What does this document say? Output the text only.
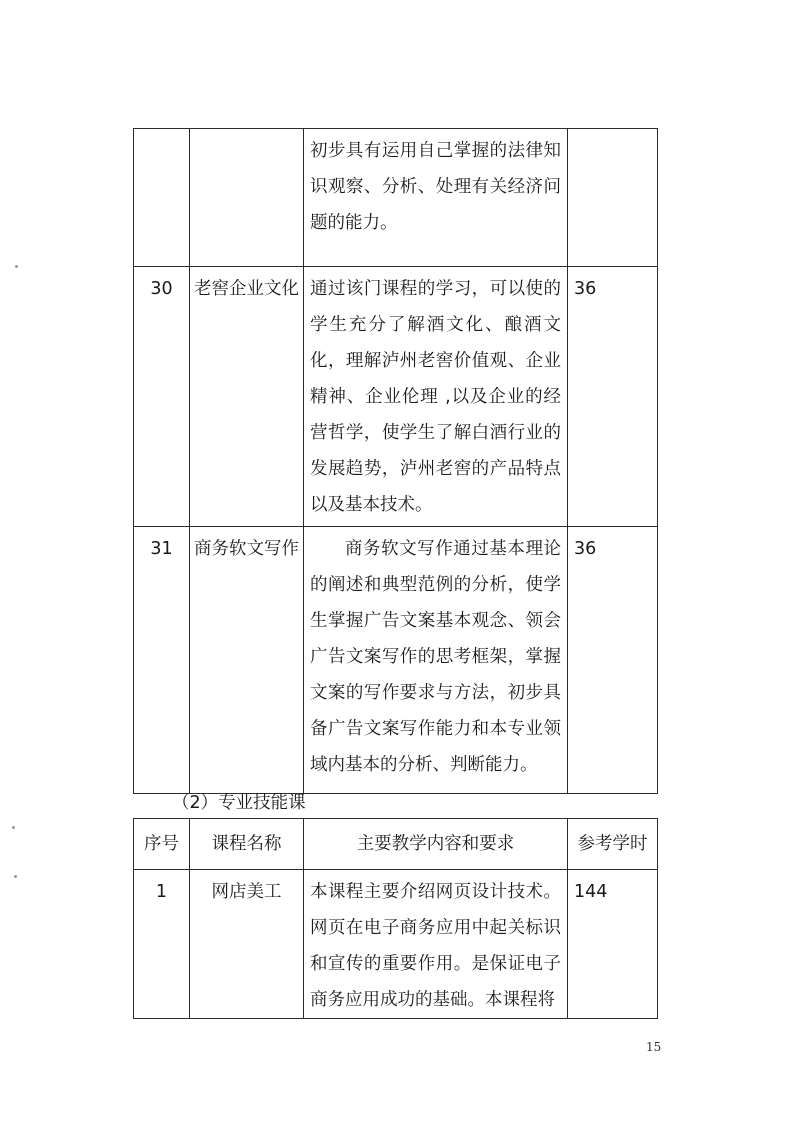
		初步具有运用自己掌握的法律知识观察、分析、处理有关经济问题的能力。	
30	老窖企业文化	通过该门课程的学习，可以使的学生充分了解酒文化、酿酒文化，理解泸州老窖价值观、企业精神、企业伦理 ,以及企业的经营哲学，使学生了解白酒行业的发展趋势，泸州老窖的产品特点以及基本技术。	36
31	商务软文写作	商务软文写作通过基本理论的阐述和典型范例的分析，使学生掌握广告文案基本观念、领会广告文案写作的思考框架，掌握文案的写作要求与方法，初步具备广告文案写作能力和本专业领域内基本的分析、判断能力。	36
（2）专业技能课
序号	课程名称	主要教学内容和要求	参考学时
1	网店美工	本课程主要介绍网页设计技术。网页在电子商务应用中起关标识和宣传的重要作用。是保证电子商务应用成功的基础。本课程将	144
15
